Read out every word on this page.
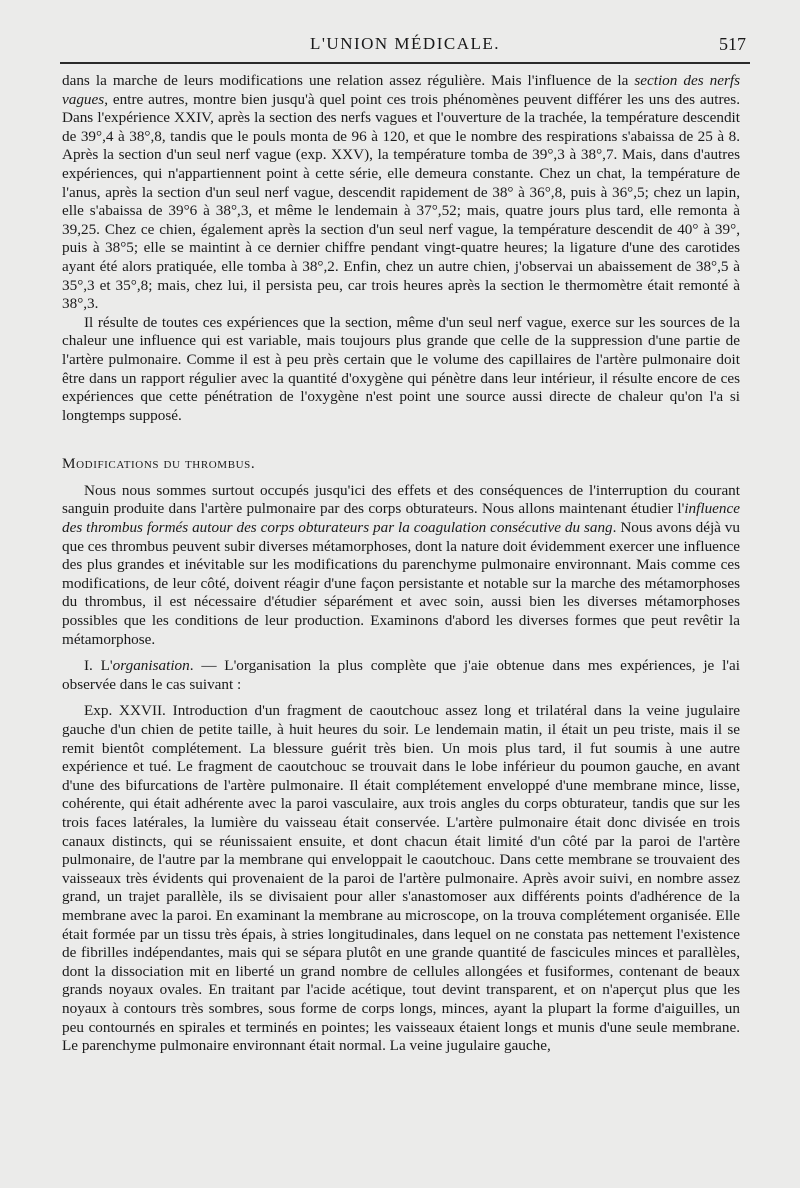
L'UNION MÉDICALE.	517

dans la marche de leurs modifications une relation assez régulière. Mais l'influence de la section des nerfs vagues, entre autres, montre bien jusqu'à quel point ces trois phénomènes peuvent différer les uns des autres. Dans l'expérience XXIV, après la section des nerfs vagues et l'ouverture de la trachée, la température descendit de 39°,4 à 38°,8, tandis que le pouls monta de 96 à 120, et que le nombre des respirations s'abaissa de 25 à 8. Après la section d'un seul nerf vague (exp. XXV), la température tomba de 39°,3 à 38°,7. Mais, dans d'autres expériences, qui n'appartiennent point à cette série, elle demeura constante. Chez un chat, la température de l'anus, après la section d'un seul nerf vague, descendit rapidement de 38° à 36°,8, puis à 36°,5; chez un lapin, elle s'abaissa de 39°6 à 38°,3, et même le lendemain à 37°,52; mais, quatre jours plus tard, elle remonta à 39,25. Chez ce chien, également après la section d'un seul nerf vague, la température descendit de 40° à 39°, puis à 38°5; elle se maintint à ce dernier chiffre pendant vingt-quatre heures; la ligature d'une des carotides ayant été alors pratiquée, elle tomba à 38°,2. Enfin, chez un autre chien, j'observai un abaissement de 38°,5 à 35°,3 et 35°,8; mais, chez lui, il persista peu, car trois heures après la section le thermomètre était remonté à 38°,3.

Il résulte de toutes ces expériences que la section, même d'un seul nerf vague, exerce sur les sources de la chaleur une influence qui est variable, mais toujours plus grande que celle de la suppression d'une partie de l'artère pulmonaire. Comme il est à peu près certain que le volume des capillaires de l'artère pulmonaire doit être dans un rapport régulier avec la quantité d'oxygène qui pénètre dans leur intérieur, il résulte encore de ces expériences que cette pénétration de l'oxygène n'est point une source aussi directe de chaleur qu'on l'a si longtemps supposé.

Modifications du thrombus.

Nous nous sommes surtout occupés jusqu'ici des effets et des conséquences de l'interruption du courant sanguin produite dans l'artère pulmonaire par des corps obturateurs. Nous allons maintenant étudier l'influence des thrombus formés autour des corps obturateurs par la coagulation consécutive du sang. Nous avons déjà vu que ces thrombus peuvent subir diverses métamorphoses, dont la nature doit évidemment exercer une influence des plus grandes et inévitable sur les modifications du parenchyme pulmonaire environnant. Mais comme ces modifications, de leur côté, doivent réagir d'une façon persistante et notable sur la marche des métamorphoses du thrombus, il est nécessaire d'étudier séparément et avec soin, aussi bien les diverses métamorphoses possibles que les conditions de leur production. Examinons d'abord les diverses formes que peut revêtir la métamorphose.

I. L'organisation. — L'organisation la plus complète que j'aie obtenue dans mes expériences, je l'ai observée dans le cas suivant :

Exp. XXVII. Introduction d'un fragment de caoutchouc assez long et trilatéral dans la veine jugulaire gauche d'un chien de petite taille, à huit heures du soir. Le lendemain matin, il était un peu triste, mais il se remit bientôt complétement. La blessure guérit très bien. Un mois plus tard, il fut soumis à une autre expérience et tué. Le fragment de caoutchouc se trouvait dans le lobe inférieur du poumon gauche, en avant d'une des bifurcations de l'artère pulmonaire. Il était complétement enveloppé d'une membrane mince, lisse, cohérente, qui était adhérente avec la paroi vasculaire, aux trois angles du corps obturateur, tandis que sur les trois faces latérales, la lumière du vaisseau était conservée. L'artère pulmonaire était donc divisée en trois canaux distincts, qui se réunissaient ensuite, et dont chacun était limité d'un côté par la paroi de l'artère pulmonaire, de l'autre par la membrane qui enveloppait le caoutchouc. Dans cette membrane se trouvaient des vaisseaux très évidents qui provenaient de la paroi de l'artère pulmonaire. Après avoir suivi, en nombre assez grand, un trajet parallèle, ils se divisaient pour aller s'anastomoser aux différents points d'adhérence de la membrane avec la paroi. En examinant la membrane au microscope, on la trouva complétement organisée. Elle était formée par un tissu très épais, à stries longitudinales, dans lequel on ne constata pas nettement l'existence de fibrilles indépendantes, mais qui se sépara plutôt en une grande quantité de fascicules minces et parallèles, dont la dissociation mit en liberté un grand nombre de cellules allongées et fusiformes, contenant de beaux grands noyaux ovales. En traitant par l'acide acétique, tout devint transparent, et on n'aperçut plus que les noyaux à contours très sombres, sous forme de corps longs, minces, ayant la plupart la forme d'aiguilles, un peu contournés en spirales et terminés en pointes; les vaisseaux étaient longs et munis d'une seule membrane. Le parenchyme pulmonaire environnant était normal. La veine jugulaire gauche,
